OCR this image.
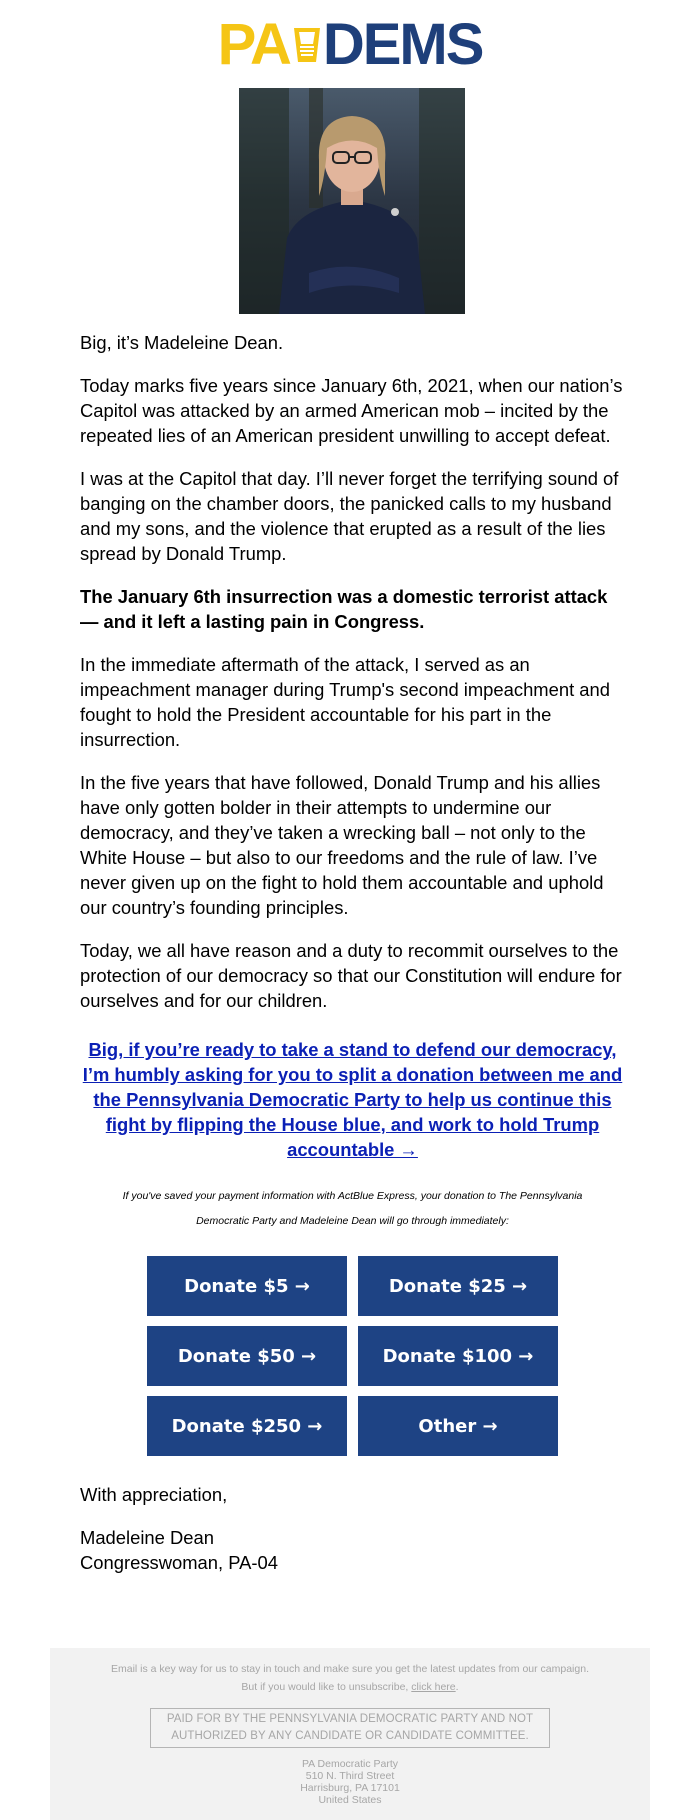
PA DEMS

Big, it’s Madeleine Dean.

Today marks five years since January 6th, 2021, when our nation’s Capitol was attacked by an armed American mob – incited by the repeated lies of an American president unwilling to accept defeat.

I was at the Capitol that day. I’ll never forget the terrifying sound of banging on the chamber doors, the panicked calls to my husband and my sons, and the violence that erupted as a result of the lies spread by Donald Trump.

The January 6th insurrection was a domestic terrorist attack — and it left a lasting pain in Congress.

In the immediate aftermath of the attack, I served as an impeachment manager during Trump's second impeachment and fought to hold the President accountable for his part in the insurrection.

In the five years that have followed, Donald Trump and his allies have only gotten bolder in their attempts to undermine our democracy, and they’ve taken a wrecking ball – not only to the White House – but also to our freedoms and the rule of law. I’ve never given up on the fight to hold them accountable and uphold our country’s founding principles.

Today, we all have reason and a duty to recommit ourselves to the protection of our democracy so that our Constitution will endure for ourselves and for our children.

Big, if you’re ready to take a stand to defend our democracy, I’m humbly asking for you to split a donation between me and the Pennsylvania Democratic Party to help us continue this fight by flipping the House blue, and work to hold Trump accountable →

If you've saved your payment information with ActBlue Express, your donation to The Pennsylvania Democratic Party and Madeleine Dean will go through immediately:

Donate $5 →	Donate $25 →
Donate $50 →	Donate $100 →
Donate $250 →	Other →

With appreciation,

Madeleine Dean
Congresswoman, PA-04
Email is a key way for us to stay in touch and make sure you get the latest updates from our campaign.
But if you would like to unsubscribe, click here.
PAID FOR BY THE PENNSYLVANIA DEMOCRATIC PARTY AND NOT AUTHORIZED BY ANY CANDIDATE OR CANDIDATE COMMITTEE.
PA Democratic Party
510 N. Third Street
Harrisburg, PA 17101
United States
